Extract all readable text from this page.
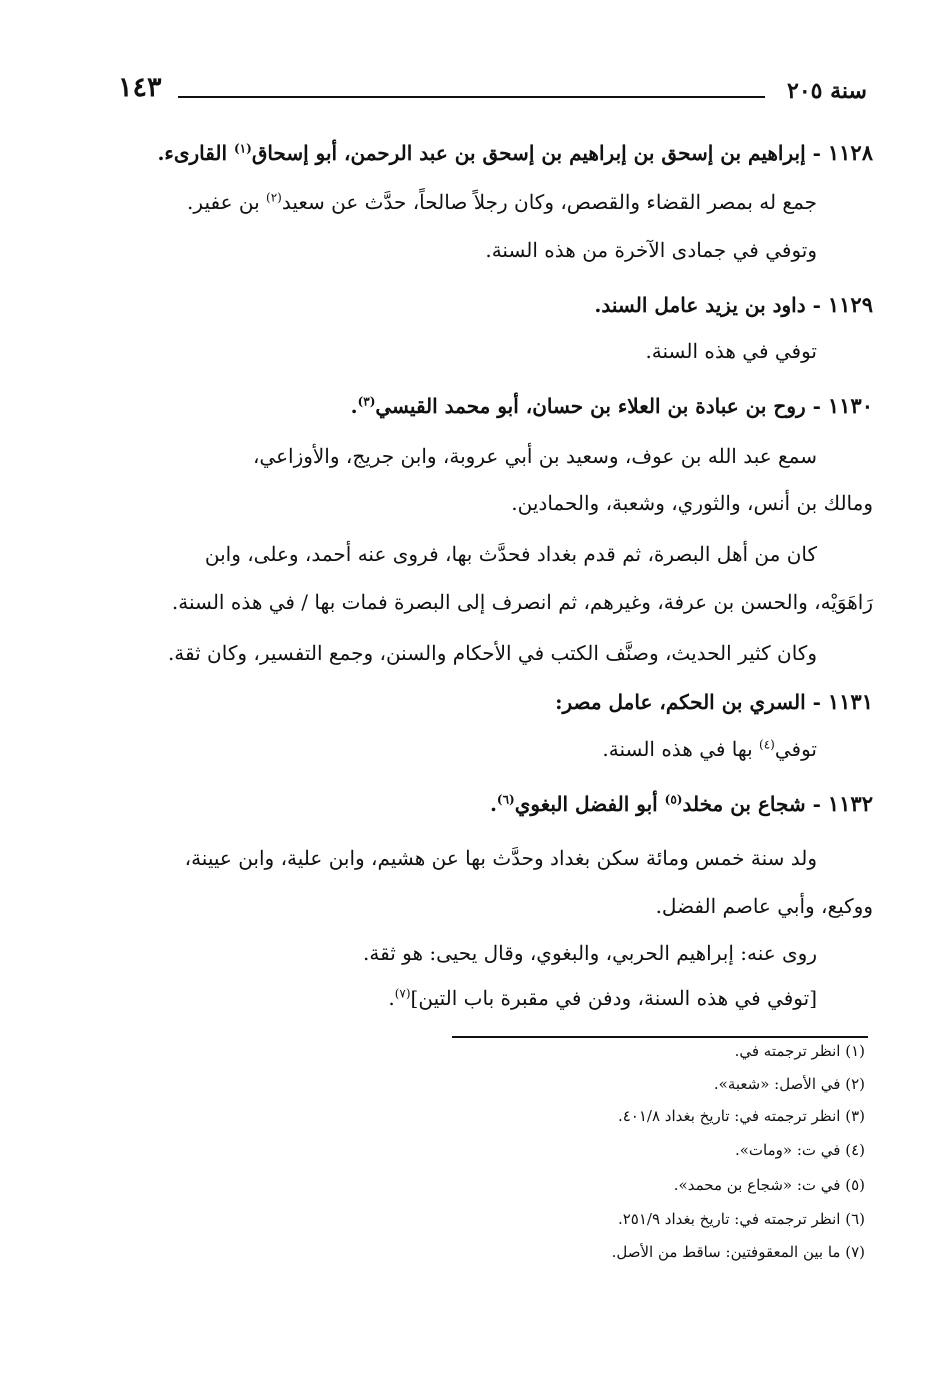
سنة ٢٠٥
١٤٣
١١٢٨ - إبراهيم بن إسحق بن إبراهيم بن إسحق بن عبد الرحمن، أبو إسحاق$^{(١)}$ القارىء.
جمع له بمصر القضاء والقصص، وكان رجلاً صالحاً، حدَّث عن سعيد$^{(٢)}$ بن عفير.
وتوفي في جمادى الآخرة من هذه السنة.
١١٢٩ - داود بن يزيد عامل السند.
توفي في هذه السنة.
١١٣٠ - روح بن عبادة بن العلاء بن حسان، أبو محمد القيسي$^{(٣)}$.
سمع عبد الله بن عوف، وسعيد بن أبي عروبة، وابن جريج، والأوزاعي،
ومالك بن أنس، والثوري، وشعبة، والحمادين.
كان من أهل البصرة، ثم قدم بغداد فحدَّث بها، فروى عنه أحمد، وعلى، وابن
رَاهَوَيْه، والحسن بن عرفة، وغيرهم، ثم انصرف إلى البصرة فمات بها / في هذه السنة.
وكان كثير الحديث، وصنَّف الكتب في الأحكام والسنن، وجمع التفسير، وكان ثقة.
١١٣١ - السري بن الحكم، عامل مصر:
توفي$^{(٤)}$ بها في هذه السنة.
١١٣٢ - شجاع بن مخلد$^{(٥)}$ أبو الفضل البغوي$^{(٦)}$.
ولد سنة خمس ومائة سكن بغداد وحدَّث بها عن هشيم، وابن علية، وابن عيينة،
ووكيع، وأبي عاصم الفضل.
روى عنه: إبراهيم الحربي، والبغوي، وقال يحيى: هو ثقة.
[توفي في هذه السنة، ودفن في مقبرة باب التين]$^{(٧)}$.
(١) انظر ترجمته في.
(٢) في الأصل: «شعبة».
(٣) انظر ترجمته في: تاريخ بغداد ٤٠١/٨.
(٤) في ت: «ومات».
(٥) في ت: «شجاع بن محمد».
(٦) انظر ترجمته في: تاريخ بغداد ٢٥١/٩.
(٧) ما بين المعقوفتين: ساقط من الأصل.
